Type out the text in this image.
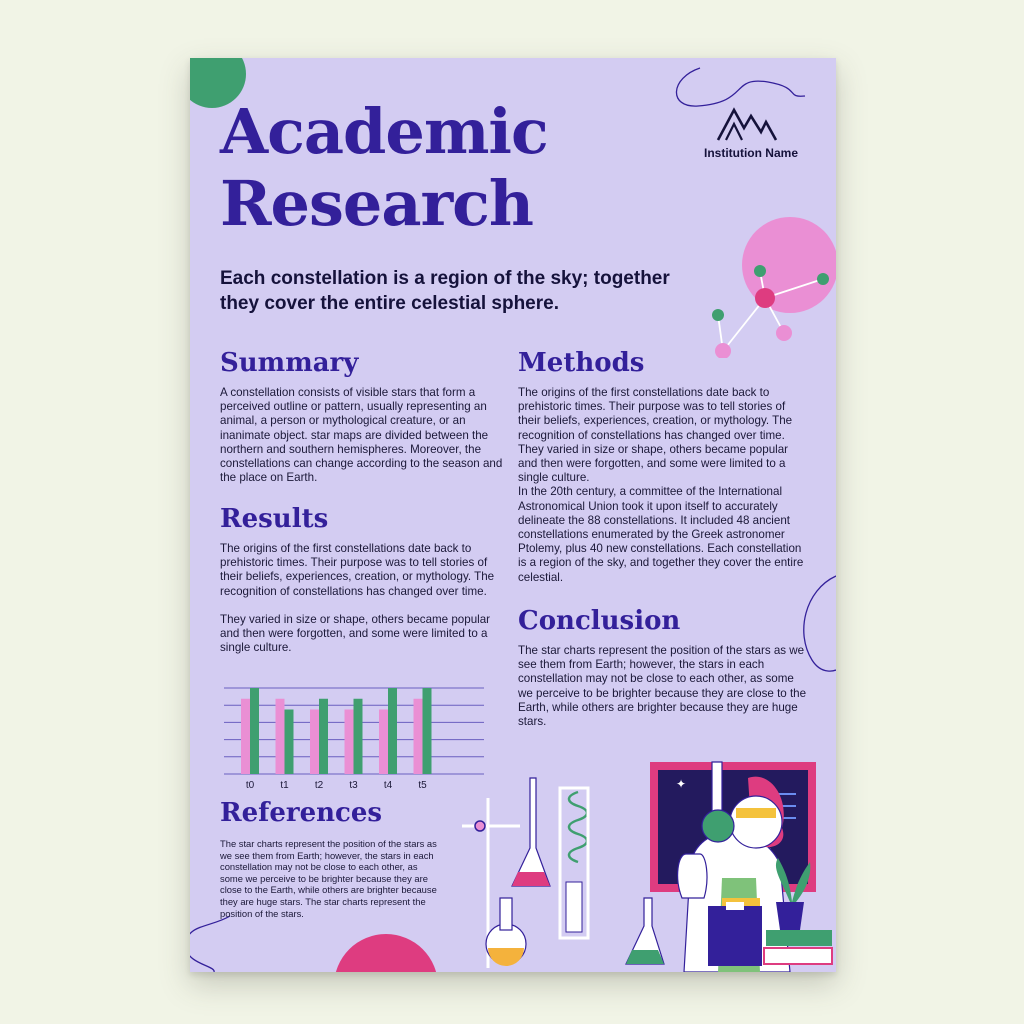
Institution Name
Academic
Research

Each constellation is a region of the sky; together they cover the entire celestial sphere.

Summary

A constellation consists of visible stars that form a perceived outline or pattern, usually representing an animal, a person or mythological creature, or an inanimate object. star maps are divided between the northern and southern hemispheres. Moreover, the constellations can change according to the season and the place on Earth.

Results

The origins of the first constellations date back to prehistoric times. Their purpose was to tell stories of their beliefs, experiences, creation, or mythology. The recognition of constellations has changed over time.

They varied in size or shape, others became popular and then were forgotten, and some were limited to a single culture.

t0	t1	t2	t3	t4	t5
References

The star charts represent the position of the stars as we see them from Earth; however, the stars in each constellation may not be close to each other, as some we perceive to be brighter because they are close to the Earth, while others are brighter because they are huge stars. The star charts represent the position of the stars.

Methods

The origins of the first constellations date back to prehistoric times. Their purpose was to tell stories of their beliefs, experiences, creation, or mythology. The recognition of constellations has changed over time. They varied in size or shape, others became popular and then were forgotten, and some were limited to a single culture.

In the 20th century, a committee of the International Astronomical Union took it upon itself to accurately delineate the 88 constellations. It included 48 ancient constellations enumerated by the Greek astronomer Ptolemy, plus 40 new constellations. Each constellation is a region of the sky, and together they cover the entire celestial.

Conclusion

The star charts represent the position of the stars as we see them from Earth; however, the stars in each constellation may not be close to each other, as some we perceive to be brighter because they are close to the Earth, while others are brighter because they are huge stars.

✦
